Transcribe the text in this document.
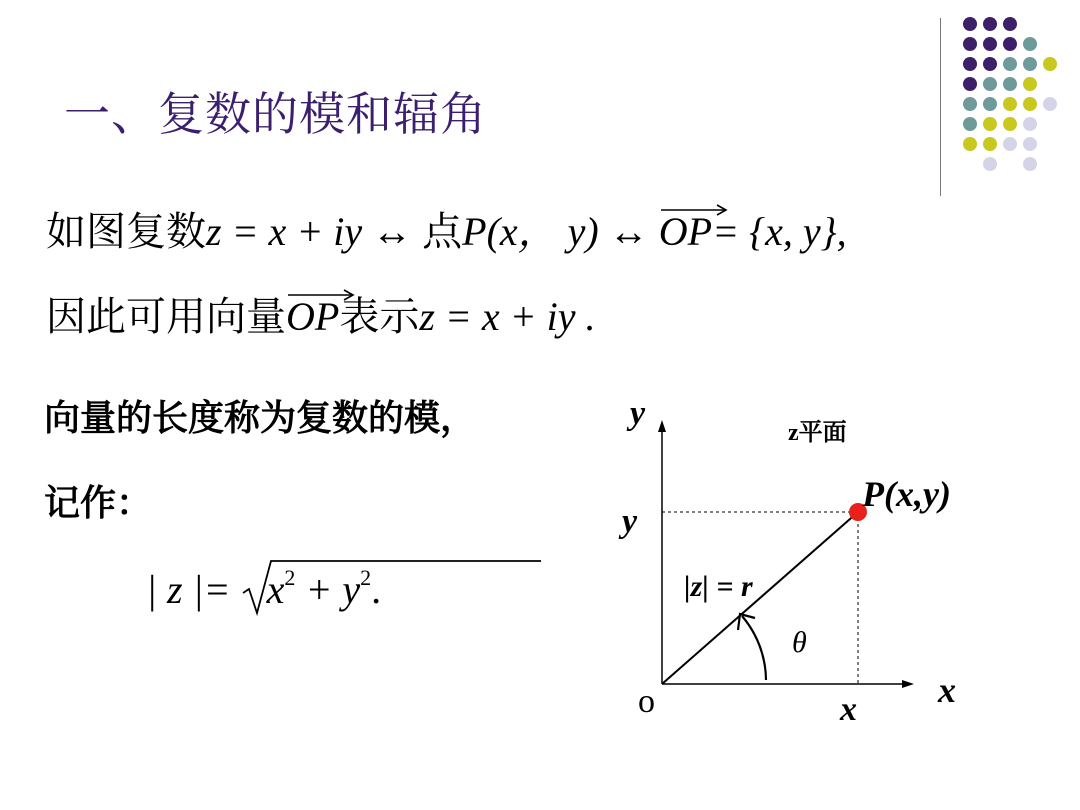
一、复数的模和辐角
如图复数z = x + iy ↔ 点P(x， y) ↔ OP= {x, y},
因此可用向量
OP表示z = x + iy .
向量的长度称为复数的模，
记作：
| z |= $x^2 + y^2$.
z平面
y
x
o
y
x
P(x,y)
|z| = r
θ
